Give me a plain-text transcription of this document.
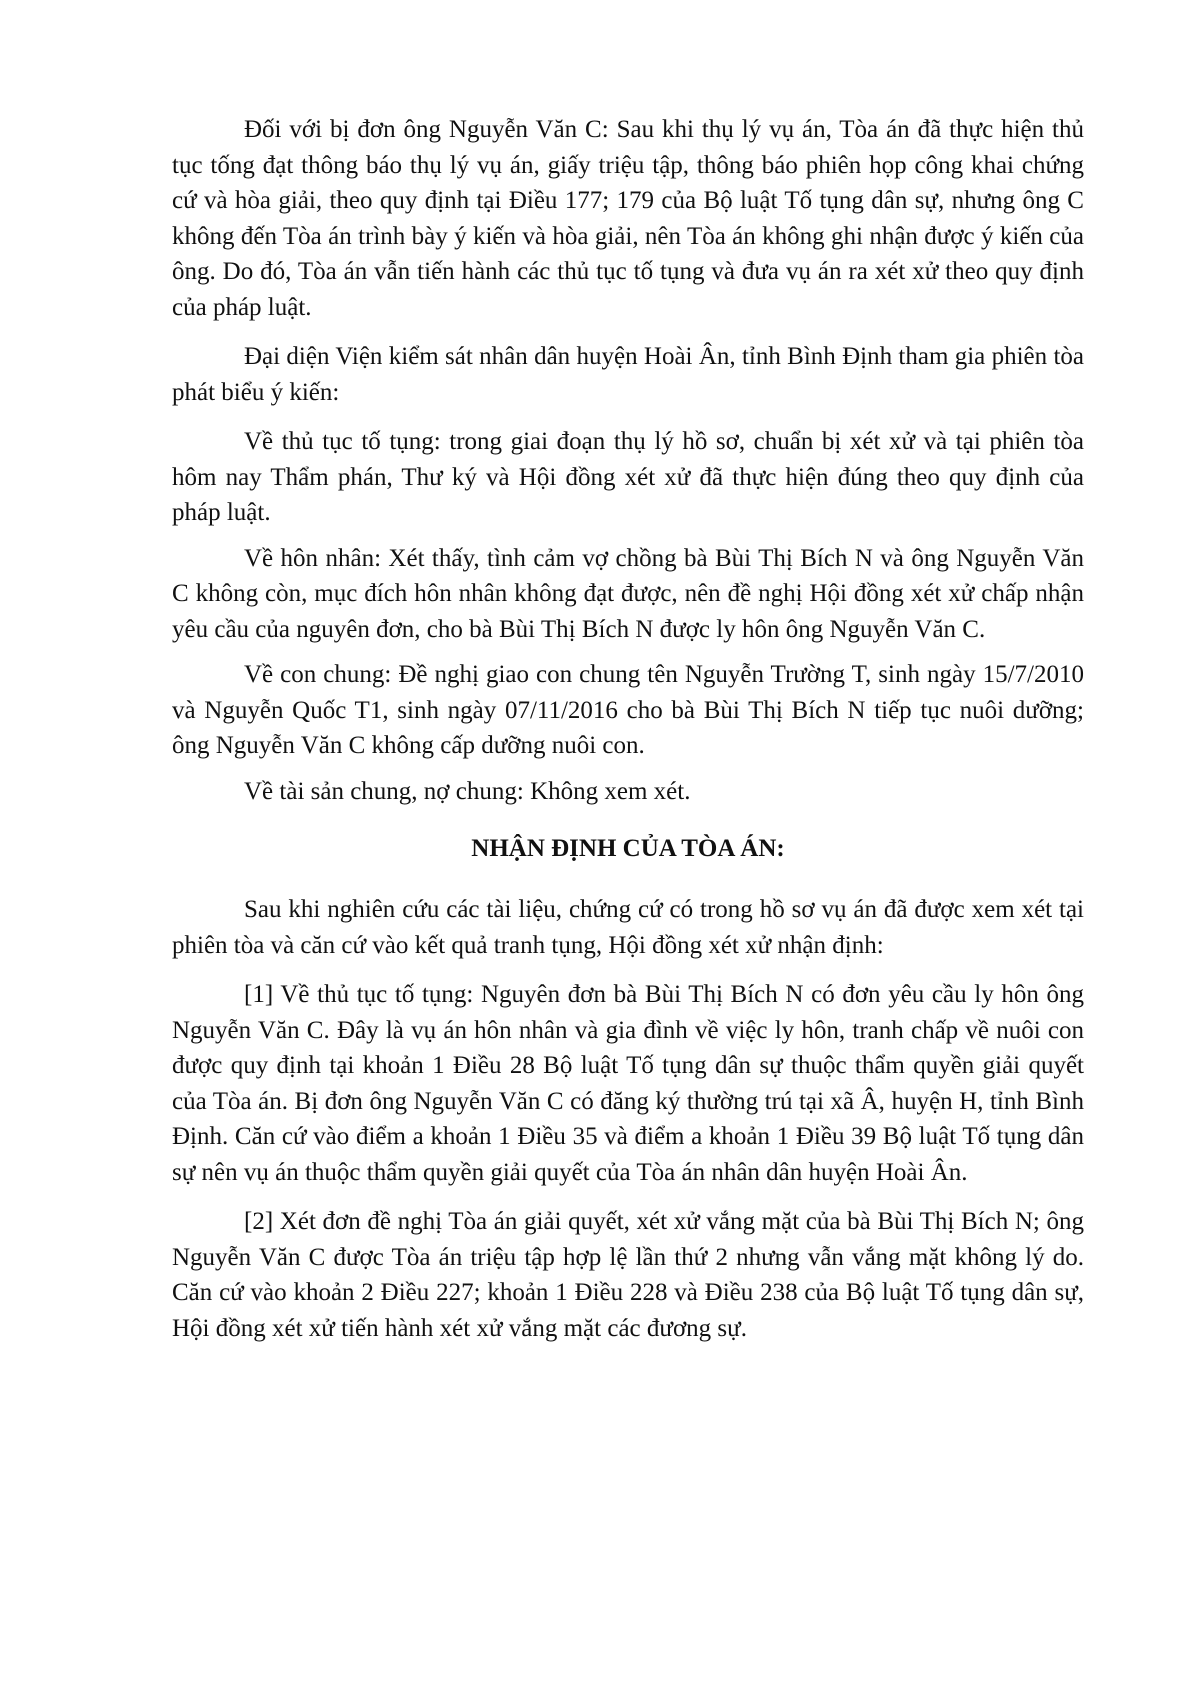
Đối với bị đơn ông Nguyễn Văn C: Sau khi thụ lý vụ án, Tòa án đã thực hiện thủ tục tống đạt thông báo thụ lý vụ án, giấy triệu tập, thông báo phiên họp công khai chứng cứ và hòa giải, theo quy định tại Điều 177; 179 của Bộ luật Tố tụng dân sự, nhưng ông C không đến Tòa án trình bày ý kiến và hòa giải, nên Tòa án không ghi nhận được ý kiến của ông. Do đó, Tòa án vẫn tiến hành các thủ tục tố tụng và đưa vụ án ra xét xử theo quy định của pháp luật.

Đại diện Viện kiểm sát nhân dân huyện Hoài Ân, tỉnh Bình Định tham gia phiên tòa phát biểu ý kiến:

Về thủ tục tố tụng: trong giai đoạn thụ lý hồ sơ, chuẩn bị xét xử và tại phiên tòa hôm nay Thẩm phán, Thư ký và Hội đồng xét xử đã thực hiện đúng theo quy định của pháp luật.

Về hôn nhân: Xét thấy, tình cảm vợ chồng bà Bùi Thị Bích N và ông Nguyễn Văn C không còn, mục đích hôn nhân không đạt được, nên đề nghị Hội đồng xét xử chấp nhận yêu cầu của nguyên đơn, cho bà Bùi Thị Bích N được ly hôn ông Nguyễn Văn C.

Về con chung: Đề nghị giao con chung tên Nguyễn Trường T, sinh ngày 15/7/2010 và Nguyễn Quốc T1, sinh ngày 07/11/2016 cho bà Bùi Thị Bích N tiếp tục nuôi dưỡng; ông Nguyễn Văn C không cấp dưỡng nuôi con.

Về tài sản chung, nợ chung: Không xem xét.

NHẬN ĐỊNH CỦA TÒA ÁN:

Sau khi nghiên cứu các tài liệu, chứng cứ có trong hồ sơ vụ án đã được xem xét tại phiên tòa và căn cứ vào kết quả tranh tụng, Hội đồng xét xử nhận định:

[1] Về thủ tục tố tụng: Nguyên đơn bà Bùi Thị Bích N có đơn yêu cầu ly hôn ông Nguyễn Văn C. Đây là vụ án hôn nhân và gia đình về việc ly hôn, tranh chấp về nuôi con được quy định tại khoản 1 Điều 28 Bộ luật Tố tụng dân sự thuộc thẩm quyền giải quyết của Tòa án. Bị đơn ông Nguyễn Văn C có đăng ký thường trú tại xã Â, huyện H, tỉnh Bình Định. Căn cứ vào điểm a khoản 1 Điều 35 và điểm a khoản 1 Điều 39 Bộ luật Tố tụng dân sự nên vụ án thuộc thẩm quyền giải quyết của Tòa án nhân dân huyện Hoài Ân.

[2] Xét đơn đề nghị Tòa án giải quyết, xét xử vắng mặt của bà Bùi Thị Bích N; ông Nguyễn Văn C được Tòa án triệu tập hợp lệ lần thứ 2 nhưng vẫn vắng mặt không lý do. Căn cứ vào khoản 2 Điều 227; khoản 1 Điều 228 và Điều 238 của Bộ luật Tố tụng dân sự, Hội đồng xét xử tiến hành xét xử vắng mặt các đương sự.
